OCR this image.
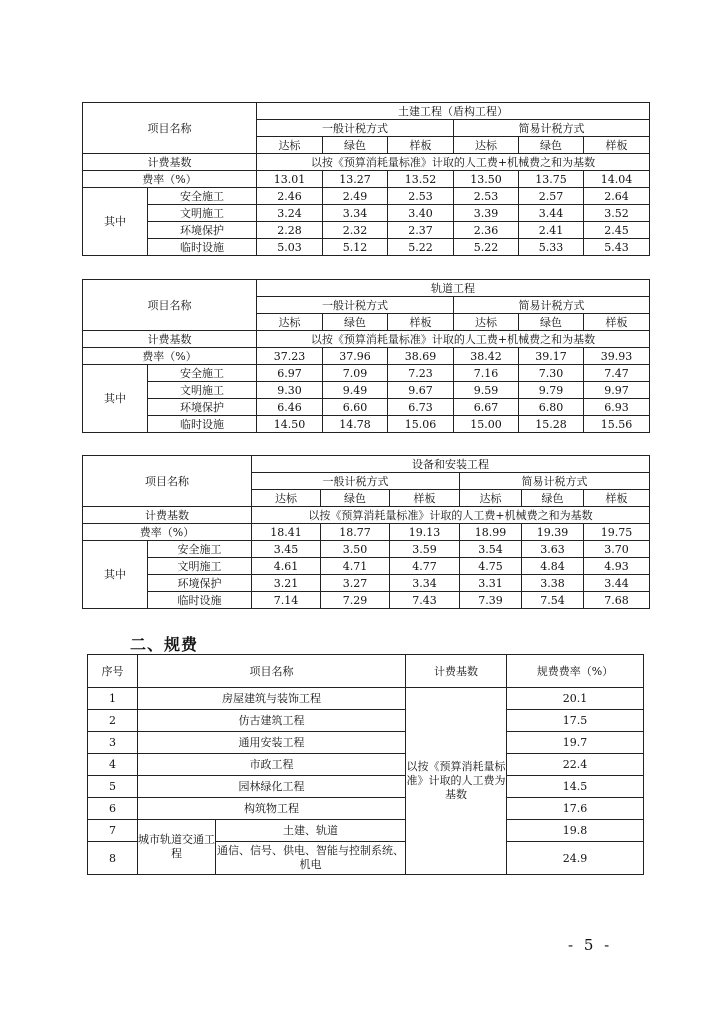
项目名称		土建工程（盾构工程）					
		一般计税方式			简易计税方式		
		达标	绿色	样板	达标	绿色	样板
计费基数		以按《预算消耗量标准》计取的人工费+机械费之和为基数					
费率（%）		13.01	13.27	13.52	13.50	13.75	14.04
其中	安全施工	2.46	2.49	2.53	2.53	2.57	2.64
	文明施工	3.24	3.34	3.40	3.39	3.44	3.52
	环境保护	2.28	2.32	2.37	2.36	2.41	2.45
	临时设施	5.03	5.12	5.22	5.22	5.33	5.43
项目名称		轨道工程					
		一般计税方式			简易计税方式		
		达标	绿色	样板	达标	绿色	样板
计费基数		以按《预算消耗量标准》计取的人工费+机械费之和为基数					
费率（%）		37.23	37.96	38.69	38.42	39.17	39.93
其中	安全施工	6.97	7.09	7.23	7.16	7.30	7.47
	文明施工	9.30	9.49	9.67	9.59	9.79	9.97
	环境保护	6.46	6.60	6.73	6.67	6.80	6.93
	临时设施	14.50	14.78	15.06	15.00	15.28	15.56
项目名称		设备和安装工程					
		一般计税方式			简易计税方式		
		达标	绿色	样板	达标	绿色	样板
计费基数		以按《预算消耗量标准》计取的人工费+机械费之和为基数					
费率（%）		18.41	18.77	19.13	18.99	19.39	19.75
其中	安全施工	3.45	3.50	3.59	3.54	3.63	3.70
	文明施工	4.61	4.71	4.77	4.75	4.84	4.93
	环境保护	3.21	3.27	3.34	3.31	3.38	3.44
	临时设施	7.14	7.29	7.43	7.39	7.54	7.68
二、规费
序号	项目名称		计费基数	规费费率（%）
1	房屋建筑与装饰工程		以按《预算消耗量标准》计取的人工费为基数	20.1
2	仿古建筑工程			17.5
3	通用安装工程			19.7
4	市政工程			22.4
5	园林绿化工程			14.5
6	构筑物工程			17.6
7	城市轨道交通工程	土建、轨道		19.8
8		通信、信号、供电、智能与控制系统、机电		24.9
- 5 -
